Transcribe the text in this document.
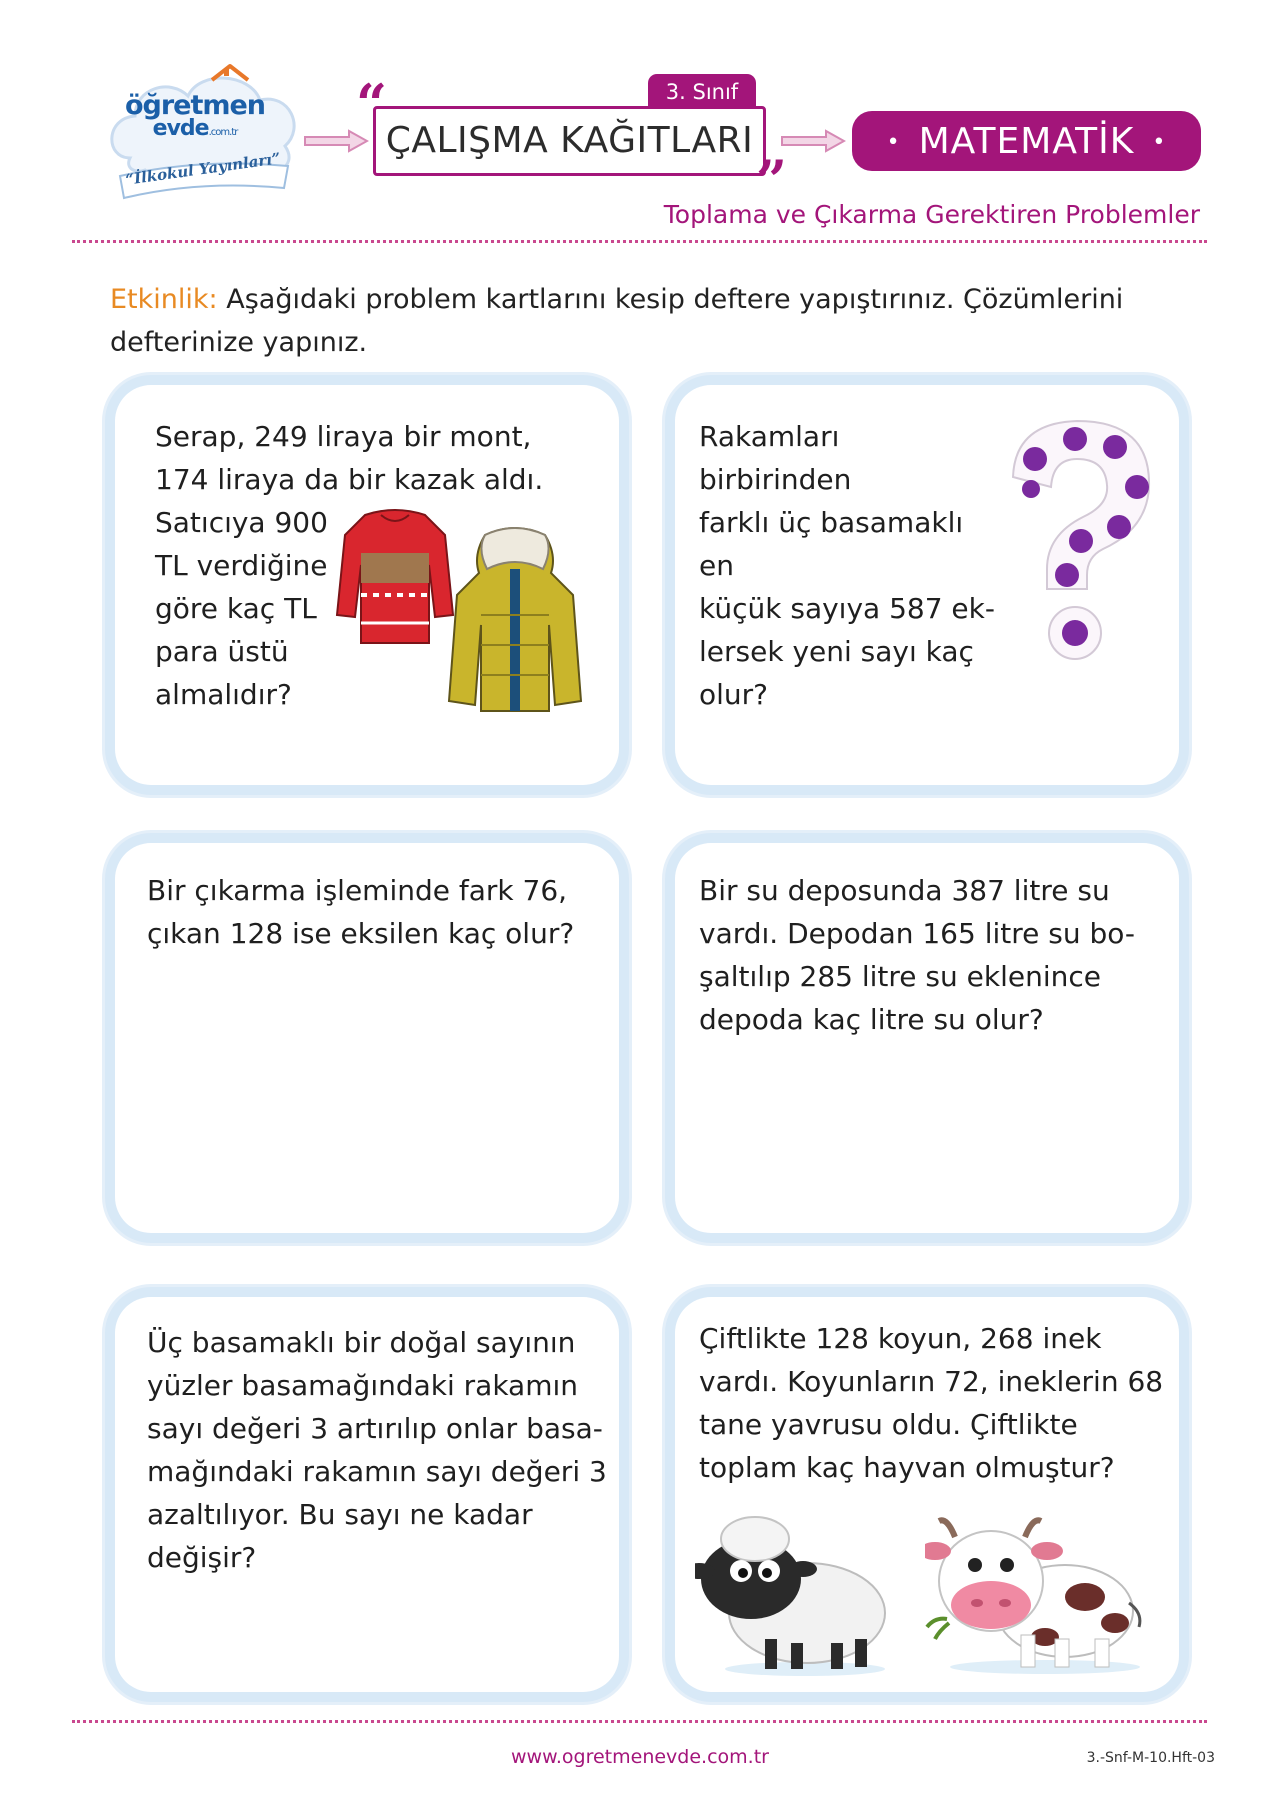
öğretmen
evde.com.tr
“İlkokul Yayınları”
3. Sınıf
ÇALIŞMA KAĞITLARI
“
”
• MATEMATİK •
Toplama ve Çıkarma Gerektiren Problemler
Etkinlik: Aşağıdaki problem kartlarını kesip deftere yapıştırınız. Çözümlerini defterinize yapınız.
Serap, 249 liraya bir mont,
174 liraya da bir kazak aldı.
Satıcıya 900
TL verdiğine
göre kaç TL
para üstü
almalıdır?
Rakamları birbirinden
farklı üç basamaklı en
küçük sayıya 587 ek-
lersek yeni sayı kaç
olur?
Bir çıkarma işleminde fark 76,
çıkan 128 ise eksilen kaç olur?
Bir su deposunda 387 litre su
vardı. Depodan 165 litre su bo-
şaltılıp 285 litre su eklenince
depoda kaç litre su olur?
Üç basamaklı bir doğal sayının
yüzler basamağındaki rakamın
sayı değeri 3 artırılıp onlar basa-
mağındaki rakamın sayı değeri 3
azaltılıyor. Bu sayı ne kadar
değişir?
Çiftlikte 128 koyun, 268 inek
vardı. Koyunların 72, ineklerin 68
tane yavrusu oldu. Çiftlikte
toplam kaç hayvan olmuştur?
www.ogretmenevde.com.tr	3.-Snf-M-10.Hft-03
